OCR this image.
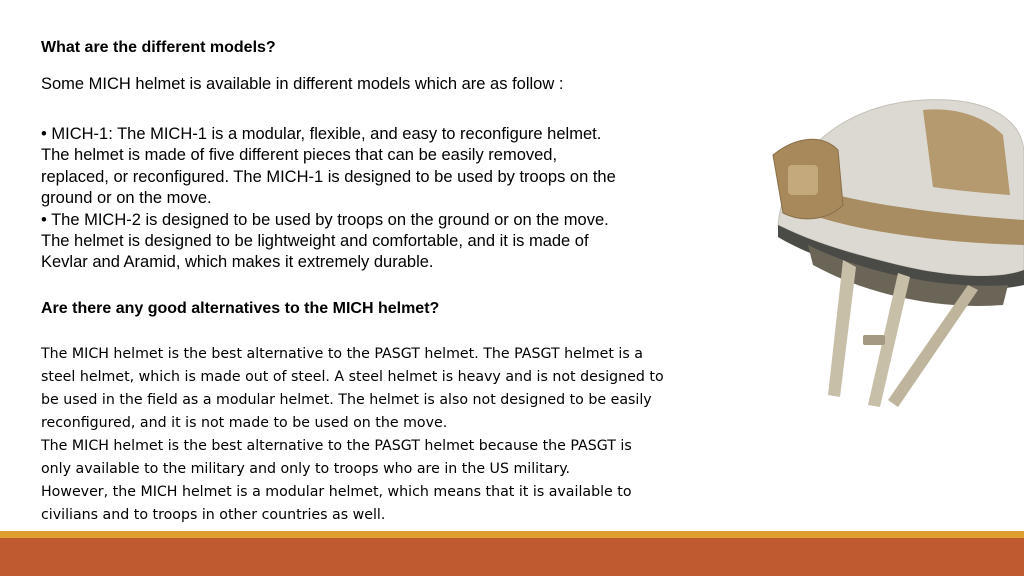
What are the different models?

Some MICH helmet is available in different models which are as follow :

• MICH-1: The MICH-1 is a modular, flexible, and easy to reconfigure helmet.
The helmet is made of five different pieces that can be easily removed,
replaced, or reconfigured. The MICH-1 is designed to be used by troops on the
ground or on the move.
• The MICH-2 is designed to be used by troops on the ground or on the move.
The helmet is designed to be lightweight and comfortable, and it is made of
Kevlar and Aramid, which makes it extremely durable.
Are there any good alternatives to the MICH helmet?
The MICH helmet is the best alternative to the PASGT helmet. The PASGT helmet is a
steel helmet, which is made out of steel. A steel helmet is heavy and is not designed to
be used in the field as a modular helmet. The helmet is also not designed to be easily
reconfigured, and it is not made to be used on the move.
The MICH helmet is the best alternative to the PASGT helmet because the PASGT is
only available to the military and only to troops who are in the US military.
However, the MICH helmet is a modular helmet, which means that it is available to
civilians and to troops in other countries as well.
